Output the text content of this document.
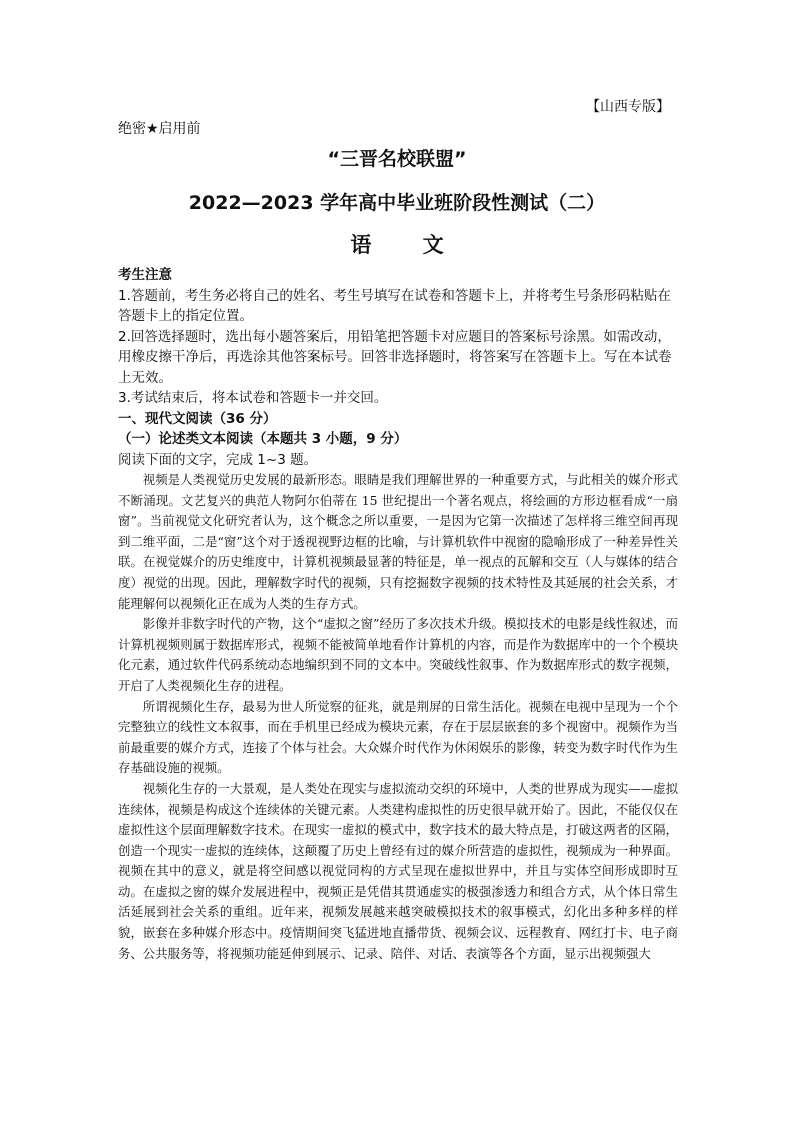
【山西专版】
绝密★启用前
“三晋名校联盟”
2022—2023 学年高中毕业班阶段性测试（二）
语 文

考生注意

1.答题前，考生务必将自己的姓名、考生号填写在试卷和答题卡上，并将考生号条形码粘贴在答题卡上的指定位置。

2.回答选择题时，选出每小题答案后，用铅笔把答题卡对应题目的答案标号涂黑。如需改动，用橡皮擦干净后，再选涂其他答案标号。回答非选择题时，将答案写在答题卡上。写在本试卷上无效。

3.考试结束后，将本试卷和答题卡一并交回。

一、现代文阅读（36 分）

（一）论述类文本阅读（本题共 3 小题，9 分）

阅读下面的文字，完成 1~3 题。

视频是人类视觉历史发展的最新形态。眼睛是我们理解世界的一种重要方式，与此相关的媒介形式不断涌现。文艺复兴的典范人物阿尔伯蒂在 15 世纪提出一个著名观点，将绘画的方形边框看成“一扇窗”。当前视觉文化研究者认为，这个概念之所以重要，一是因为它第一次描述了怎样将三维空间再现到二维平面，二是“窗”这个对于透视视野边框的比喻，与计算机软件中视窗的隐喻形成了一种差异性关联。在视觉媒介的历史维度中，计算机视频最显著的特征是，单一视点的瓦解和交互（人与媒体的结合度）视觉的出现。因此，理解数字时代的视频，只有挖掘数字视频的技术特性及其延展的社会关系，才能理解何以视频化正在成为人类的生存方式。

影像并非数字时代的产物，这个“虚拟之窗”经历了多次技术升级。模拟技术的电影是线性叙述，而计算机视频则属于数据库形式，视频不能被简单地看作计算机的内容，而是作为数据库中的一个个模块化元素，通过软件代码系统动态地编织到不同的文本中。突破线性叙事、作为数据库形式的数字视频，开启了人类视频化生存的进程。

所谓视频化生存，最易为世人所觉察的征兆，就是荆屏的日常生活化。视频在电视中呈现为一个个完整独立的线性文本叙事，而在手机里已经成为模块元素，存在于层层嵌套的多个视窗中。视频作为当前最重要的媒介方式，连接了个体与社会。大众媒介时代作为休闲娱乐的影像，转变为数字时代作为生存基础设施的视频。

视频化生存的一大景观，是人类处在现实与虚拟流动交织的环境中，人类的世界成为现实——虚拟连续体，视频是构成这个连续体的关键元素。人类建构虚拟性的历史很早就开始了。因此，不能仅仅在虚拟性这个层面理解数字技术。在现实一虚拟的模式中，数字技术的最大特点是，打破这两者的区隔，创造一个现实一虚拟的连续体，这颠覆了历史上曾经有过的媒介所营造的虚拟性，视频成为一种界面。视频在其中的意义，就是将空间感以视觉同构的方式呈现在虚拟世界中，并且与实体空间形成即时互动。在虚拟之窗的媒介发展进程中，视频正是凭借其贯通虚实的极强渗透力和组合方式，从个体日常生活延展到社会关系的重组。近年来，视频发展越来越突破模拟技术的叙事模式，幻化出多种多样的样貌，嵌套在多种媒介形态中。疫情期间突飞猛进地直播带货、视频会议、远程教育、网红打卡、电子商务、公共服务等，将视频功能延伸到展示、记录、陪伴、对话、表演等各个方面，显示出视频强大
